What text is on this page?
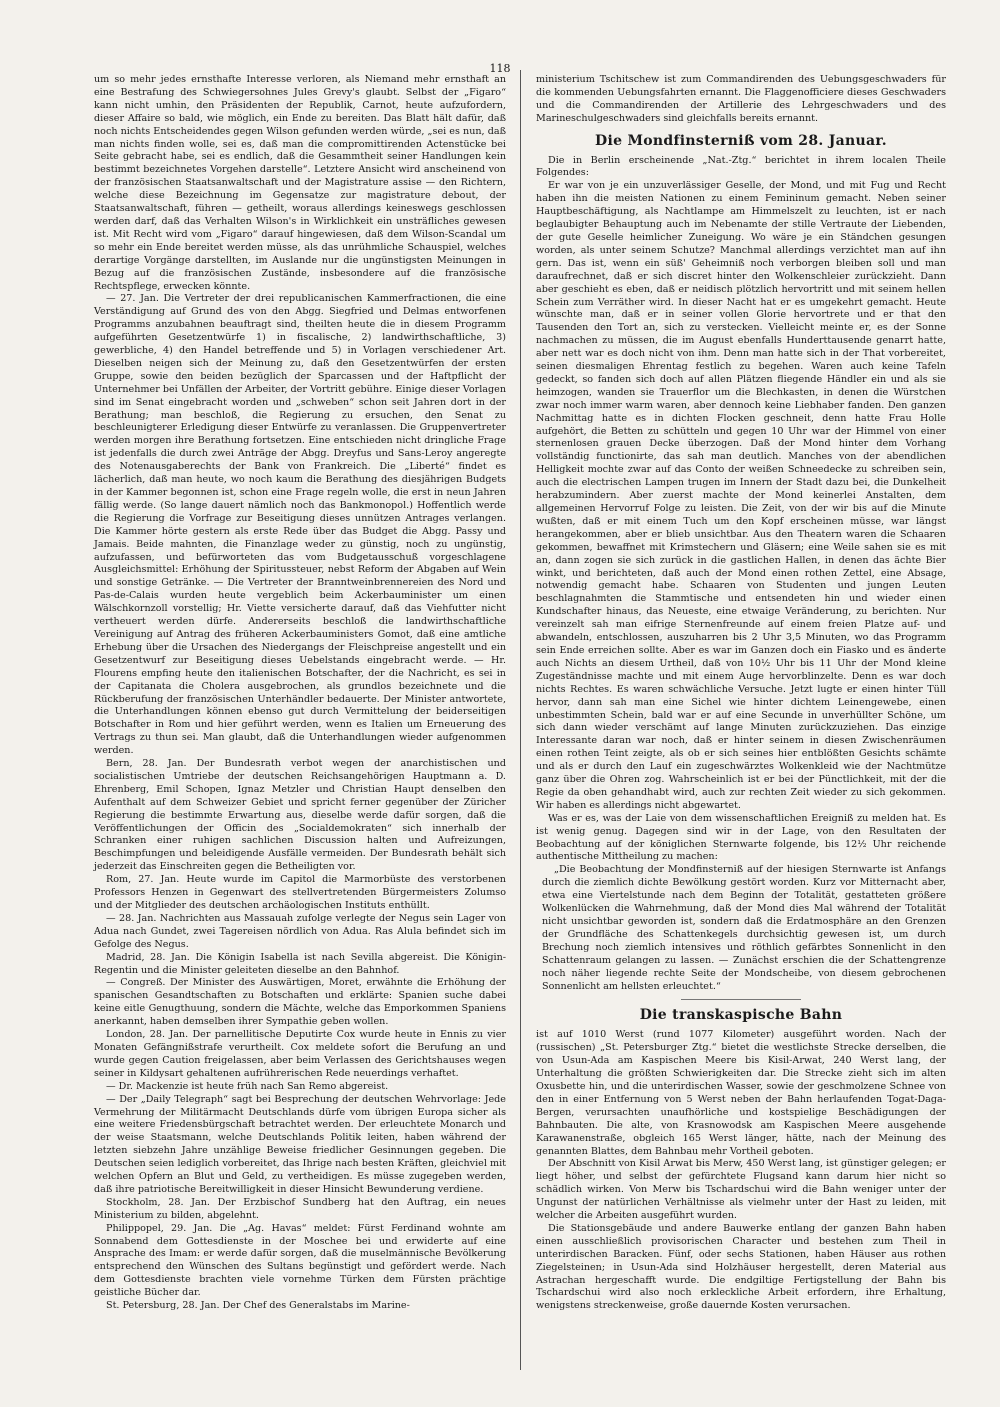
118

um so mehr jedes ernsthafte Interesse verloren, als Niemand mehr ernsthaft an eine Bestrafung des Schwiegersohnes Jules Grevy's glaubt. Selbst der „Figaro“ kann nicht umhin, den Präsidenten der Republik, Carnot, heute aufzufordern, dieser Affaire so bald, wie möglich, ein Ende zu bereiten. Das Blatt hält dafür, daß noch nichts Entscheidendes gegen Wilson gefunden werden würde, „sei es nun, daß man nichts finden wolle, sei es, daß man die compromittirenden Actenstücke bei Seite gebracht habe, sei es endlich, daß die Gesammtheit seiner Handlungen kein bestimmt bezeichnetes Vorgehen darstelle“. Letztere Ansicht wird anscheinend von der französischen Staatsanwaltschaft und der Magistrature assise — den Richtern, welche diese Bezeichnung im Gegensatze zur magistrature debout, der Staatsanwaltschaft, führen — getheilt, woraus allerdings keineswegs geschlossen werden darf, daß das Verhalten Wilson's in Wirklichkeit ein unsträfliches gewesen ist. Mit Recht wird vom „Figaro“ darauf hingewiesen, daß dem Wilson-Scandal um so mehr ein Ende bereitet werden müsse, als das unrühmliche Schauspiel, welches derartige Vorgänge darstellten, im Auslande nur die ungünstigsten Meinungen in Bezug auf die französischen Zustände, insbesondere auf die französische Rechtspflege, erwecken könnte.

— 27. Jan. Die Vertreter der drei republicanischen Kammerfractionen, die eine Verständigung auf Grund des von den Abgg. Siegfried und Delmas entworfenen Programms anzubahnen beauftragt sind, theilten heute die in diesem Programm aufgeführten Gesetzentwürfe 1) in fiscalische, 2) landwirthschaftliche, 3) gewerbliche, 4) den Handel betreffende und 5) in Vorlagen verschiedener Art. Dieselben neigen sich der Meinung zu, daß den Gesetzentwürfen der ersten Gruppe, sowie den beiden bezüglich der Sparcassen und der Haftpflicht der Unternehmer bei Unfällen der Arbeiter, der Vortritt gebühre. Einige dieser Vorlagen sind im Senat eingebracht worden und „schweben“ schon seit Jahren dort in der Berathung; man beschloß, die Regierung zu ersuchen, den Senat zu beschleunigterer Erledigung dieser Entwürfe zu veranlassen. Die Gruppenvertreter werden morgen ihre Berathung fortsetzen. Eine entschieden nicht dringliche Frage ist jedenfalls die durch zwei Anträge der Abgg. Dreyfus und Sans-Leroy angeregte des Notenausgaberechts der Bank von Frankreich. Die „Liberté“ findet es lächerlich, daß man heute, wo noch kaum die Berathung des diesjährigen Budgets in der Kammer begonnen ist, schon eine Frage regeln wolle, die erst in neun Jahren fällig werde. (So lange dauert nämlich noch das Bankmonopol.) Hoffentlich werde die Regierung die Vorfrage zur Beseitigung dieses unnützen Antrages verlangen. Die Kammer hörte gestern als erste Rede über das Budget die Abgg. Passy und Jamais. Beide mahnten, die Finanzlage weder zu günstig, noch zu ungünstig, aufzufassen, und befürworteten das vom Budgetausschuß vorgeschlagene Ausgleichsmittel: Erhöhung der Spiritussteuer, nebst Reform der Abgaben auf Wein und sonstige Getränke. — Die Vertreter der Branntweinbrennereien des Nord und Pas-de-Calais wurden heute vergeblich beim Ackerbauminister um einen Wälschkornzoll vorstellig; Hr. Viette versicherte darauf, daß das Viehfutter nicht vertheuert werden dürfe. Andererseits beschloß die landwirthschaftliche Vereinigung auf Antrag des früheren Ackerbauministers Gomot, daß eine amtliche Erhebung über die Ursachen des Niedergangs der Fleischpreise angestellt und ein Gesetzentwurf zur Beseitigung dieses Uebelstands eingebracht werde. — Hr. Flourens empfing heute den italienischen Botschafter, der die Nachricht, es sei in der Capitanata die Cholera ausgebrochen, als grundlos bezeichnete und die Rückberufung der französischen Unterhändler bedauerte. Der Minister antwortete, die Unterhandlungen können ebenso gut durch Vermittelung der beiderseitigen Botschafter in Rom und hier geführt werden, wenn es Italien um Erneuerung des Vertrags zu thun sei. Man glaubt, daß die Unterhandlungen wieder aufgenommen werden.

Bern, 28. Jan. Der Bundesrath verbot wegen der anarchistischen und socialistischen Umtriebe der deutschen Reichsangehörigen Hauptmann a. D. Ehrenberg, Emil Schopen, Ignaz Metzler und Christian Haupt denselben den Aufenthalt auf dem Schweizer Gebiet und spricht ferner gegenüber der Züricher Regierung die bestimmte Erwartung aus, dieselbe werde dafür sorgen, daß die Veröffentlichungen der Officin des „Socialdemokraten“ sich innerhalb der Schranken einer ruhigen sachlichen Discussion halten und Aufreizungen, Beschimpfungen und beleidigende Ausfälle vermeiden. Der Bundesrath behält sich jederzeit das Einschreiten gegen die Betheiligten vor.

Rom, 27. Jan. Heute wurde im Capitol die Marmorbüste des verstorbenen Professors Henzen in Gegenwart des stellvertretenden Bürgermeisters Zolumso und der Mitglieder des deutschen archäologischen Instituts enthüllt.

— 28. Jan. Nachrichten aus Massauah zufolge verlegte der Negus sein Lager von Adua nach Gundet, zwei Tagereisen nördlich von Adua. Ras Alula befindet sich im Gefolge des Negus.

Madrid, 28. Jan. Die Königin Isabella ist nach Sevilla abgereist. Die Königin-Regentin und die Minister geleiteten dieselbe an den Bahnhof.

— Congreß. Der Minister des Auswärtigen, Moret, erwähnte die Erhöhung der spanischen Gesandtschaften zu Botschaften und erklärte: Spanien suche dabei keine eitle Genugthuung, sondern die Mächte, welche das Emporkommen Spaniens anerkannt, haben demselben ihrer Sympathie geben wollen.

London, 28. Jan. Der parnellitische Deputirte Cox wurde heute in Ennis zu vier Monaten Gefängnißstrafe verurtheilt. Cox meldete sofort die Berufung an und wurde gegen Caution freigelassen, aber beim Verlassen des Gerichtshauses wegen seiner in Kildysart gehaltenen aufrührerischen Rede neuerdings verhaftet.

— Dr. Mackenzie ist heute früh nach San Remo abgereist.

— Der „Daily Telegraph“ sagt bei Besprechung der deutschen Wehrvorlage: Jede Vermehrung der Militärmacht Deutschlands dürfe vom übrigen Europa sicher als eine weitere Friedensbürgschaft betrachtet werden. Der erleuchtete Monarch und der weise Staatsmann, welche Deutschlands Politik leiten, haben während der letzten siebzehn Jahre unzählige Beweise friedlicher Gesinnungen gegeben. Die Deutschen seien lediglich vorbereitet, das Ihrige nach besten Kräften, gleichviel mit welchen Opfern an Blut und Geld, zu vertheidigen. Es müsse zugegeben werden, daß ihre patriotische Bereitwilligkeit in dieser Hinsicht Bewunderung verdiene.

Stockholm, 28. Jan. Der Erzbischof Sundberg hat den Auftrag, ein neues Ministerium zu bilden, abgelehnt.

Philippopel, 29. Jan. Die „Ag. Havas“ meldet: Fürst Ferdinand wohnte am Sonnabend dem Gottesdienste in der Moschee bei und erwiderte auf eine Ansprache des Imam: er werde dafür sorgen, daß die muselmännische Bevölkerung entsprechend den Wünschen des Sultans begünstigt und gefördert werde. Nach dem Gottesdienste brachten viele vornehme Türken dem Fürsten prächtige geistliche Bücher dar.

St. Petersburg, 28. Jan. Der Chef des Generalstabs im Marine-

ministerium Tschitschew ist zum Commandirenden des Uebungsgeschwaders für die kommenden Uebungsfahrten ernannt. Die Flaggenofficiere dieses Geschwaders und die Commandirenden der Artillerie des Lehrgeschwaders und des Marineschulgeschwaders sind gleichfalls bereits ernannt.

Die Mondfinsterniß vom 28. Januar.

Die in Berlin erscheinende „Nat.-Ztg.“ berichtet in ihrem localen Theile Folgendes:

Er war von je ein unzuverlässiger Geselle, der Mond, und mit Fug und Recht haben ihn die meisten Nationen zu einem Femininum gemacht. Neben seiner Hauptbeschäftigung, als Nachtlampe am Himmelszelt zu leuchten, ist er nach beglaubigter Behauptung auch im Nebenamte der stille Vertraute der Liebenden, der gute Geselle heimlicher Zuneigung. Wo wäre je ein Ständchen gesungen worden, als unter seinem Schutze? Manchmal allerdings verzichtet man auf ihn gern. Das ist, wenn ein süß' Geheimniß noch verborgen bleiben soll und man daraufrechnet, daß er sich discret hinter den Wolkenschleier zurückzieht. Dann aber geschieht es eben, daß er neidisch plötzlich hervortritt und mit seinem hellen Schein zum Verräther wird. In dieser Nacht hat er es umgekehrt gemacht. Heute wünschte man, daß er in seiner vollen Glorie hervortrete und er that den Tausenden den Tort an, sich zu verstecken. Vielleicht meinte er, es der Sonne nachmachen zu müssen, die im August ebenfalls Hunderttausende genarrt hatte, aber nett war es doch nicht von ihm. Denn man hatte sich in der That vorbereitet, seinen diesmaligen Ehrentag festlich zu begehen. Waren auch keine Tafeln gedeckt, so fanden sich doch auf allen Plätzen fliegende Händler ein und als sie heimzogen, wanden sie Trauerflor um die Blechkasten, in denen die Würstchen zwar noch immer warm waren, aber dennoch keine Liebhaber fanden. Den ganzen Nachmittag hatte es in dichten Flocken geschneit, denn hatte Frau Holle aufgehört, die Betten zu schütteln und gegen 10 Uhr war der Himmel von einer sternenlosen grauen Decke überzogen. Daß der Mond hinter dem Vorhang vollständig functionirte, das sah man deutlich. Manches von der abendlichen Helligkeit mochte zwar auf das Conto der weißen Schneedecke zu schreiben sein, auch die electrischen Lampen trugen im Innern der Stadt dazu bei, die Dunkelheit herabzumindern. Aber zuerst machte der Mond keinerlei Anstalten, dem allgemeinen Hervorruf Folge zu leisten. Die Zeit, von der wir bis auf die Minute wußten, daß er mit einem Tuch um den Kopf erscheinen müsse, war längst herangekommen, aber er blieb unsichtbar. Aus den Theatern waren die Schaaren gekommen, bewaffnet mit Krimstechern und Gläsern; eine Weile sahen sie es mit an, dann zogen sie sich zurück in die gastlichen Hallen, in denen das ächte Bier winkt, und berichteten, daß auch der Mond einen rothen Zettel, eine Absage, notwendig gemacht habe. Schaaren von Studenten und jungen Leuten beschlagnahmten die Stammtische und entsendeten hin und wieder einen Kundschafter hinaus, das Neueste, eine etwaige Veränderung, zu berichten. Nur vereinzelt sah man eifrige Sternenfreunde auf einem freien Platze auf- und abwandeln, entschlossen, auszuharren bis 2 Uhr 3,5 Minuten, wo das Programm sein Ende erreichen sollte. Aber es war im Ganzen doch ein Fiasko und es änderte auch Nichts an diesem Urtheil, daß von 10½ Uhr bis 11 Uhr der Mond kleine Zugeständnisse machte und mit einem Auge hervorblinzelte. Denn es war doch nichts Rechtes. Es waren schwächliche Versuche. Jetzt lugte er einen hinter Tüll hervor, dann sah man eine Sichel wie hinter dichtem Leinengewebe, einen unbestimmten Schein, bald war er auf eine Secunde in unverhüllter Schöne, um sich dann wieder verschämt auf lange Minuten zurückzuziehen. Das einzige Interessante daran war noch, daß er hinter seinem in diesen Zwischenräumen einen rothen Teint zeigte, als ob er sich seines hier entblößten Gesichts schämte und als er durch den Lauf ein zugeschwärztes Wolkenkleid wie der Nachtmütze ganz über die Ohren zog. Wahrscheinlich ist er bei der Pünctlichkeit, mit der die Regie da oben gehandhabt wird, auch zur rechten Zeit wieder zu sich gekommen. Wir haben es allerdings nicht abgewartet.

Was er es, was der Laie von dem wissenschaftlichen Ereigniß zu melden hat. Es ist wenig genug. Dagegen sind wir in der Lage, von den Resultaten der Beobachtung auf der königlichen Sternwarte folgende, bis 12½ Uhr reichende authentische Mittheilung zu machen:

„Die Beobachtung der Mondfinsterniß auf der hiesigen Sternwarte ist Anfangs durch die ziemlich dichte Bewölkung gestört worden. Kurz vor Mitternacht aber, etwa eine Viertelstunde nach dem Beginn der Totalität, gestatteten größere Wolkenlücken die Wahrnehmung, daß der Mond dies Mal während der Totalität nicht unsichtbar geworden ist, sondern daß die Erdatmosphäre an den Grenzen der Grundfläche des Schattenkegels durchsichtig gewesen ist, um durch Brechung noch ziemlich intensives und röthlich gefärbtes Sonnenlicht in den Schattenraum gelangen zu lassen. — Zunächst erschien die der Schattengrenze noch näher liegende rechte Seite der Mondscheibe, von diesem gebrochenen Sonnenlicht am hellsten erleuchtet.“

Die transkaspische Bahn

ist auf 1010 Werst (rund 1077 Kilometer) ausgeführt worden. Nach der (russischen) „St. Petersburger Ztg.“ bietet die westlichste Strecke derselben, die von Usun-Ada am Kaspischen Meere bis Kisil-Arwat, 240 Werst lang, der Unterhaltung die größten Schwierigkeiten dar. Die Strecke zieht sich im alten Oxusbette hin, und die unterirdischen Wasser, sowie der geschmolzene Schnee von den in einer Entfernung von 5 Werst neben der Bahn herlaufenden Togat-Daga-Bergen, verursachten unaufhörliche und kostspielige Beschädigungen der Bahnbauten. Die alte, von Krasnowodsk am Kaspischen Meere ausgehende Karawanenstraße, obgleich 165 Werst länger, hätte, nach der Meinung des genannten Blattes, dem Bahnbau mehr Vortheil geboten.

Der Abschnitt von Kisil Arwat bis Merw, 450 Werst lang, ist günstiger gelegen; er liegt höher, und selbst der gefürchtete Flugsand kann darum hier nicht so schädlich wirken. Von Merw bis Tschardschui wird die Bahn weniger unter der Ungunst der natürlichen Verhältnisse als vielmehr unter der Hast zu leiden, mit welcher die Arbeiten ausgeführt wurden.

Die Stationsgebäude und andere Bauwerke entlang der ganzen Bahn haben einen ausschließlich provisorischen Character und bestehen zum Theil in unterirdischen Baracken. Fünf, oder sechs Stationen, haben Häuser aus rothen Ziegelsteinen; in Usun-Ada sind Holzhäuser hergestellt, deren Material aus Astrachan hergeschafft wurde. Die endgiltige Fertigstellung der Bahn bis Tschardschui wird also noch erkleckliche Arbeit erfordern, ihre Erhaltung, wenigstens streckenweise, große dauernde Kosten verursachen.
